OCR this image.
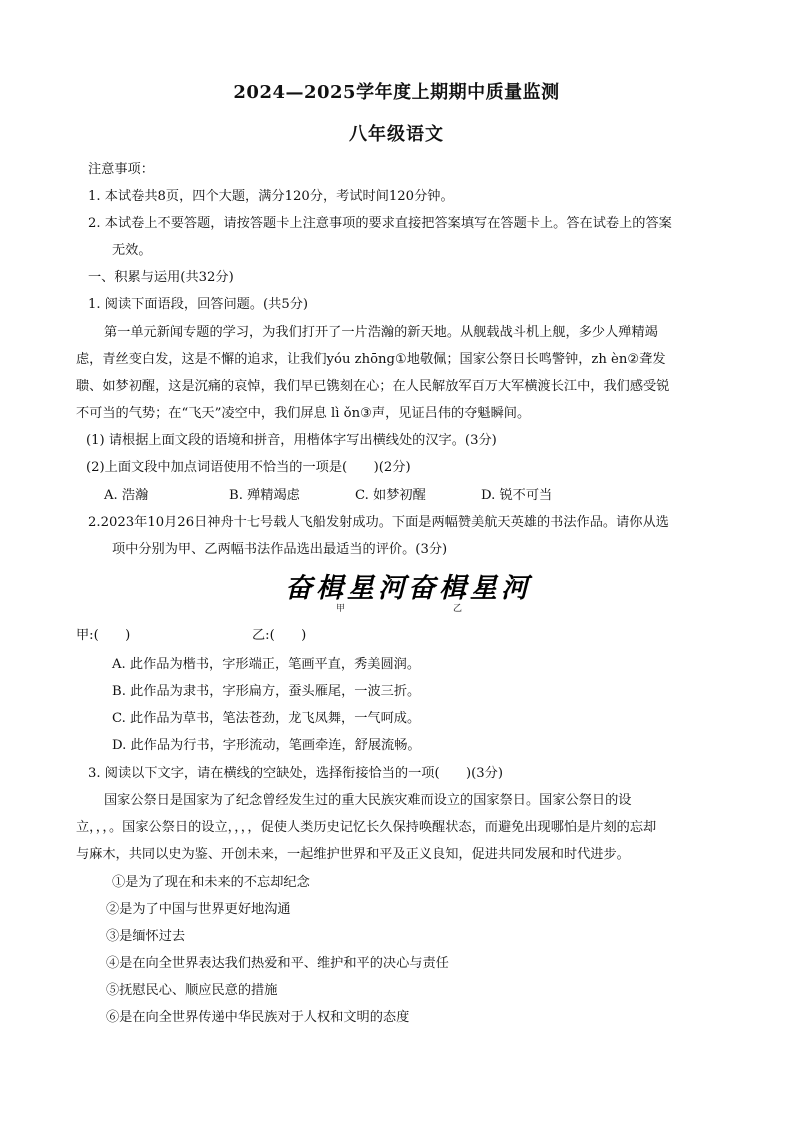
2024—2025学年度上期期中质量监测
八年级语文
注意事项：
1. 本试卷共8页，四个大题，满分120分，考试时间120分钟。
2. 本试卷上不要答题，请按答题卡上注意事项的要求直接把答案填写在答题卡上。答在试卷上的答案
无效。
一、积累与运用(共32分)
1. 阅读下面语段，回答问题。(共5分)
第一单元新闻专题的学习，为我们打开了一片浩瀚的新天地。从舰载战斗机上舰，多少人殚精竭
虑，青丝变白发，这是不懈的追求，让我们yóu zhōng①地敬佩；国家公祭日长鸣警钟，zh èn②聋发
聩、如梦初醒，这是沉痛的哀悼，我们早已镌刻在心；在人民解放军百万大军横渡长江中，我们感受锐
不可当的气势；在“飞天”凌空中，我们屏息 lì ǒn③声，见证吕伟的夺魁瞬间。
(1) 请根据上面文段的语境和拼音，用楷体字写出横线处的汉字。(3分)
(2)上面文段中加点词语使用不恰当的一项是(　　)(2分)
A. 浩瀚	B. 殚精竭虑	C. 如梦初醒	D. 锐不可当
2.2023年10月26日神舟十七号载人飞船发射成功。下面是两幅赞美航天英雄的书法作品。请你从选
项中分别为甲、乙两幅书法作品选出最适当的评价。(3分)
奋楫星河 奋楫星河
甲	乙
甲:(　　)	乙:(　　)
A. 此作品为楷书，字形端正，笔画平直，秀美圆润。
B. 此作品为隶书，字形扁方，蚕头雁尾，一波三折。
C. 此作品为草书，笔法苍劲，龙飞凤舞，一气呵成。
D. 此作品为行书，字形流动，笔画牵连，舒展流畅。
3. 阅读以下文字，请在横线的空缺处，选择衔接恰当的一项(　　)(3分)
国家公祭日是国家为了纪念曾经发生过的重大民族灾难而设立的国家祭日。国家公祭日的设
立，，，。国家公祭日的设立，，，，促使人类历史记忆长久保持唤醒状态，而避免出现哪怕是片刻的忘却
与麻木，共同以史为鉴、开创未来，一起维护世界和平及正义良知，促进共同发展和时代进步。
①是为了现在和未来的不忘却纪念
②是为了中国与世界更好地沟通
③是缅怀过去
④是在向全世界表达我们热爱和平、维护和平的决心与责任
⑤抚慰民心、顺应民意的措施
⑥是在向全世界传递中华民族对于人权和文明的态度
